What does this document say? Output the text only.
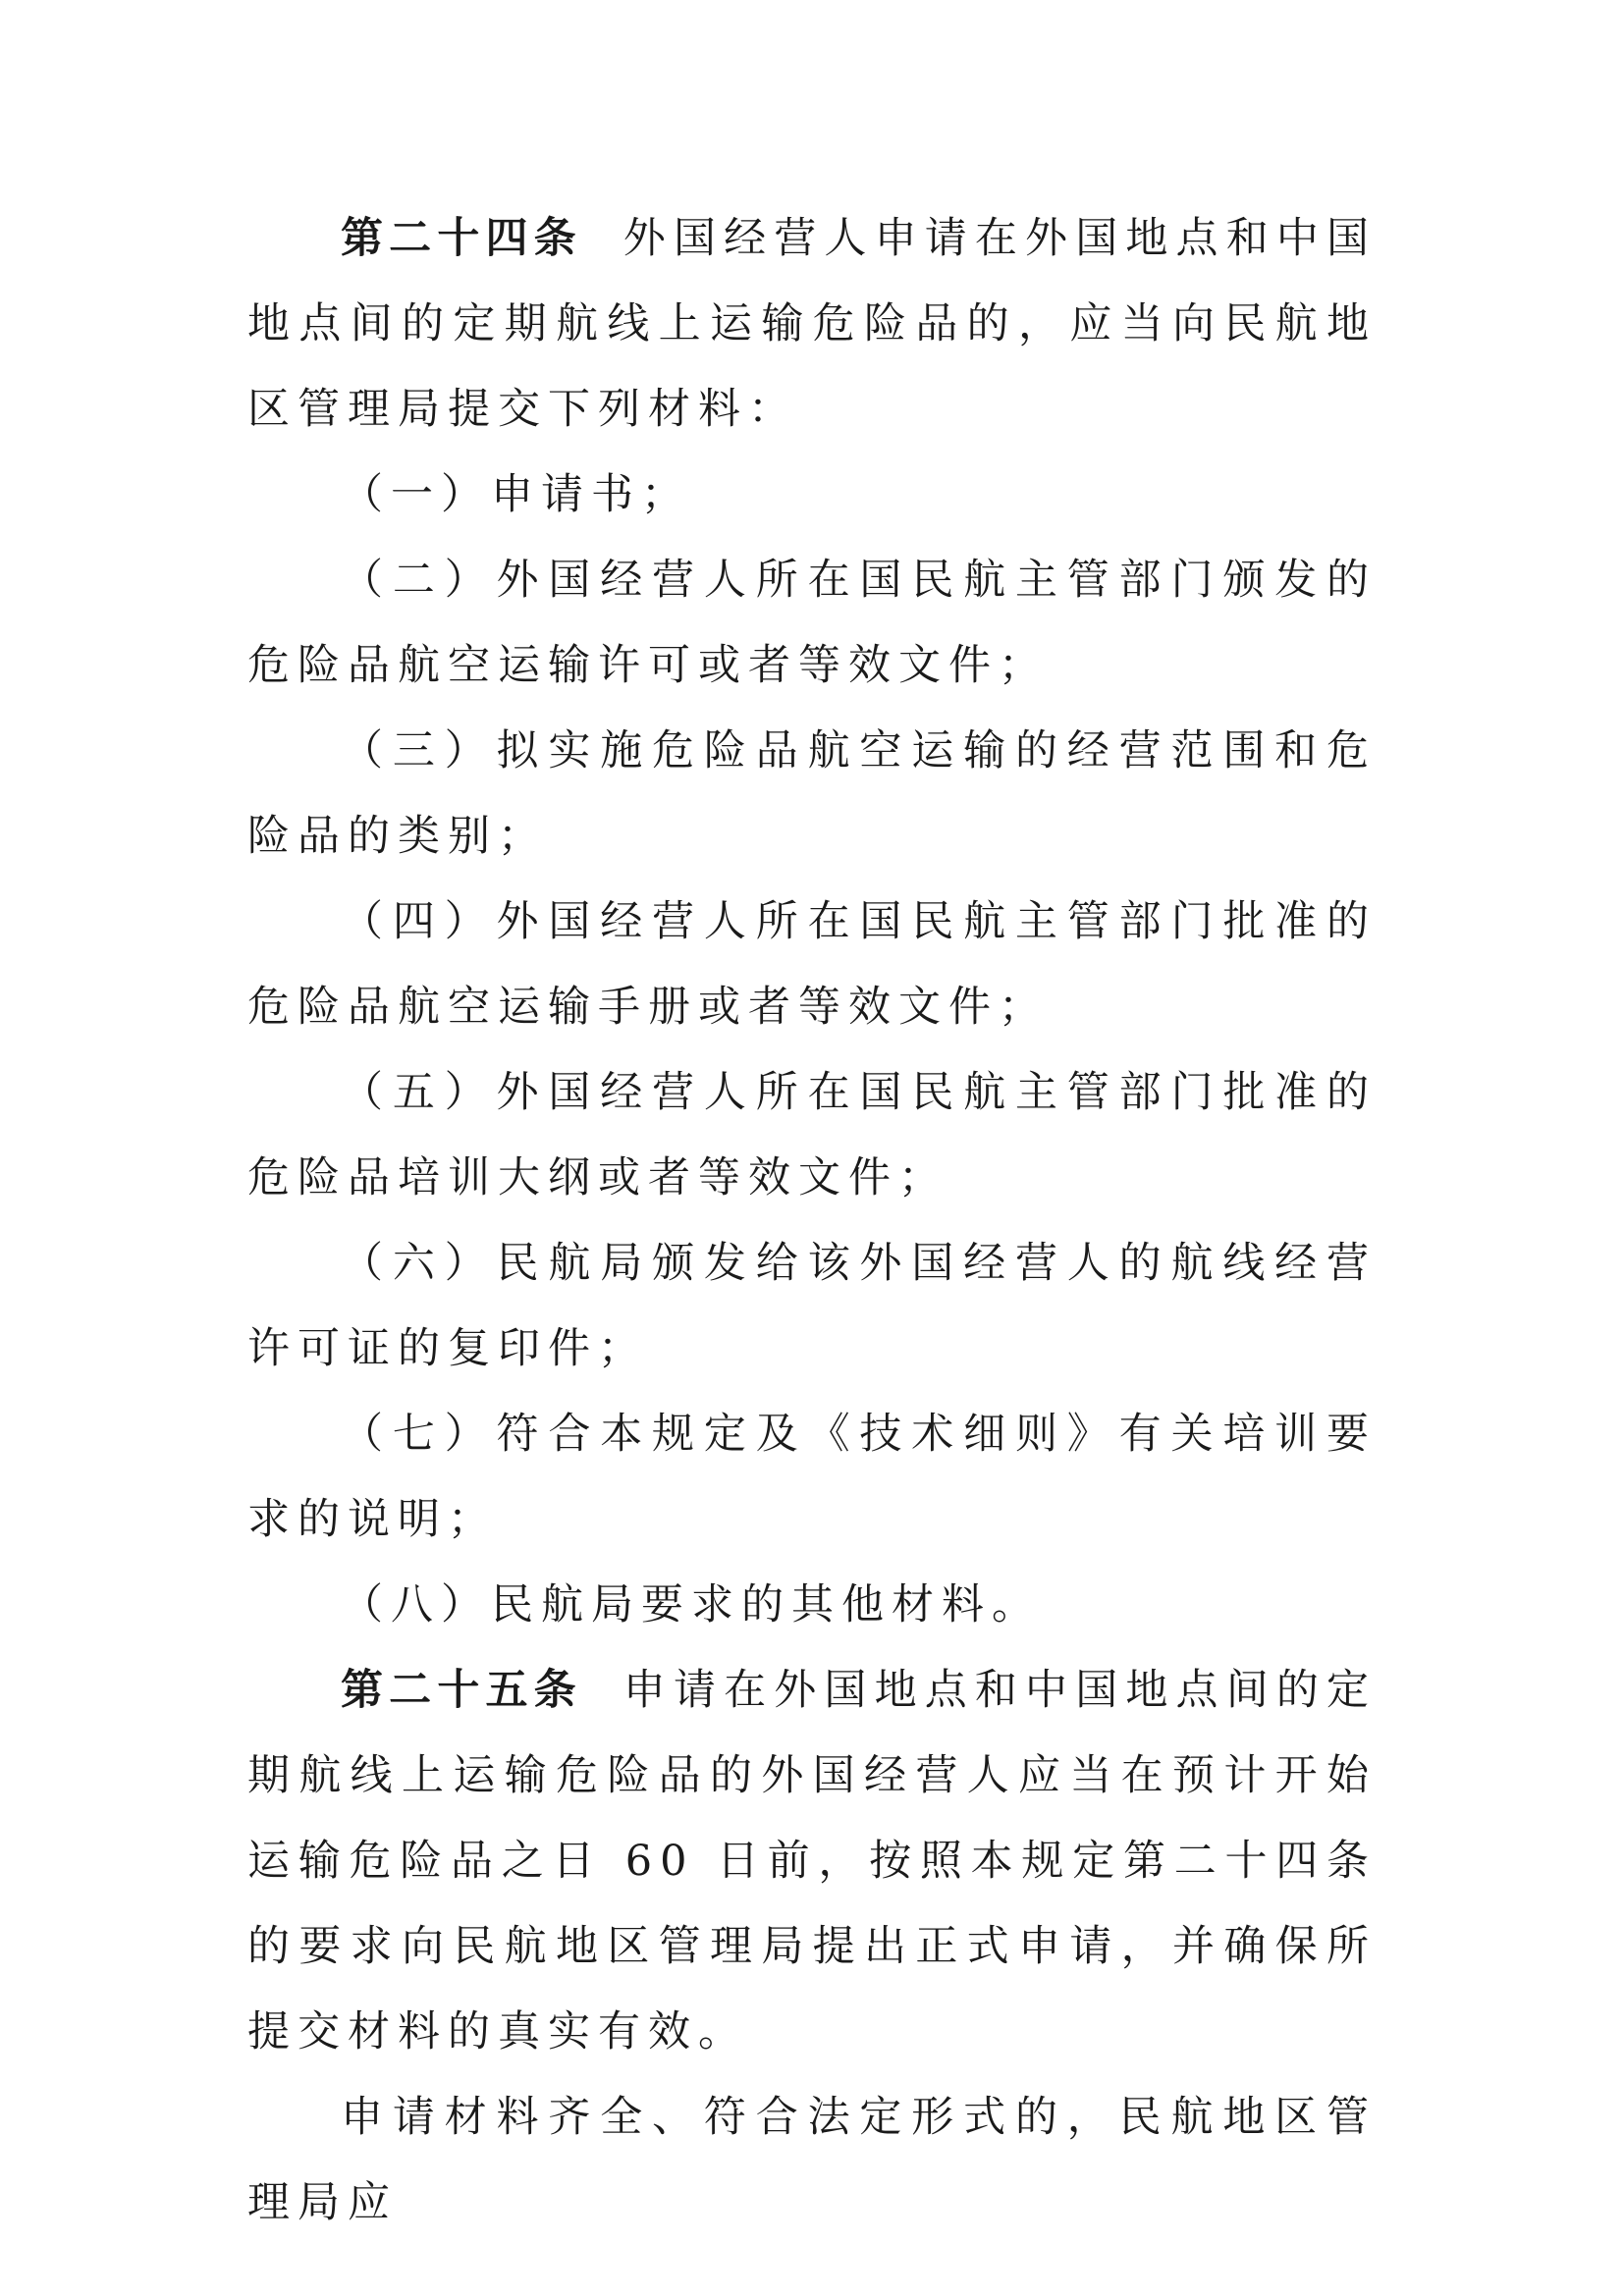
第二十四条 外国经营人申请在外国地点和中国地点间的定期航线上运输危险品的，应当向民航地区管理局提交下列材料：

（一）申请书；

（二）外国经营人所在国民航主管部门颁发的危险品航空运输许可或者等效文件；

（三）拟实施危险品航空运输的经营范围和危险品的类别；

（四）外国经营人所在国民航主管部门批准的危险品航空运输手册或者等效文件；

（五）外国经营人所在国民航主管部门批准的危险品培训大纲或者等效文件；

（六）民航局颁发给该外国经营人的航线经营许可证的复印件；

（七）符合本规定及《技术细则》有关培训要求的说明；

（八）民航局要求的其他材料。

第二十五条 申请在外国地点和中国地点间的定期航线上运输危险品的外国经营人应当在预计开始运输危险品之日 60 日前，按照本规定第二十四条的要求向民航地区管理局提出正式申请，并确保所提交材料的真实有效。

申请材料齐全、符合法定形式的，民航地区管理局应
